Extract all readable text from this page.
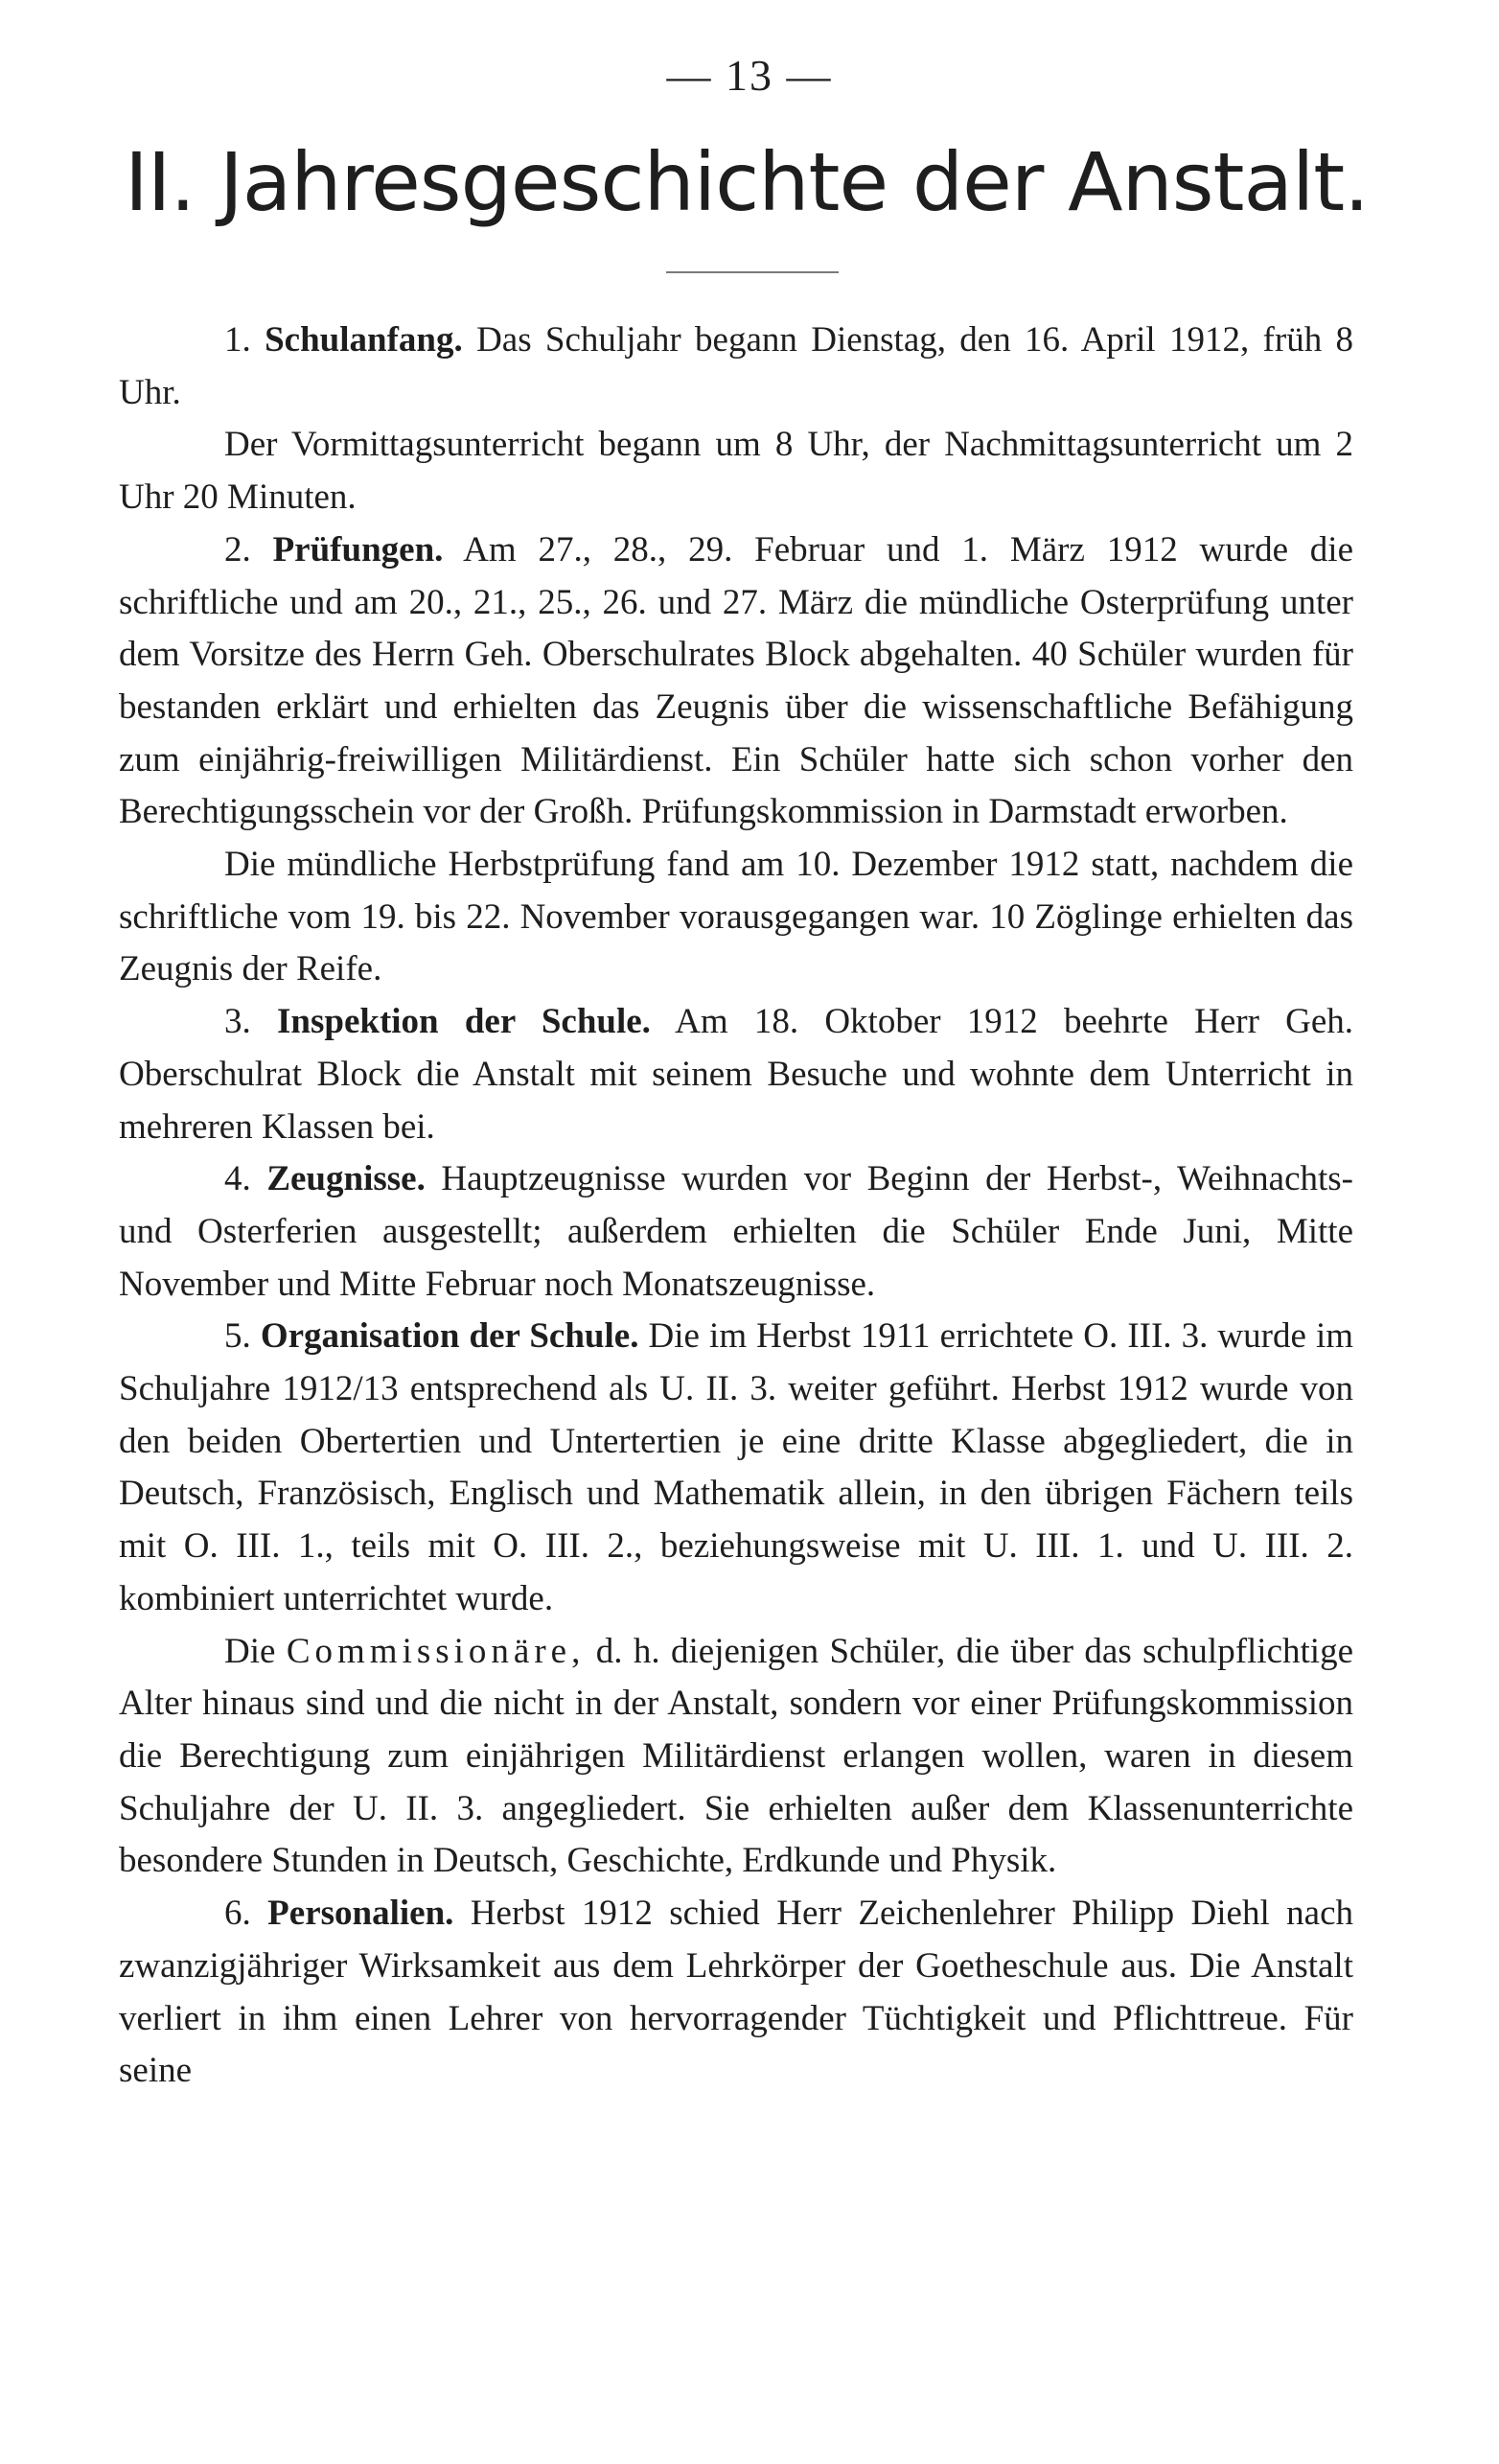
— 13 —
II. Jahresgeschichte der Anstalt.

1. Schulanfang. Das Schuljahr begann Dienstag, den 16. April 1912, früh 8 Uhr.

Der Vormittagsunterricht begann um 8 Uhr, der Nachmittagsunterricht um 2 Uhr 20 Minuten.

2. Prüfungen. Am 27., 28., 29. Februar und 1. März 1912 wurde die schriftliche und am 20., 21., 25., 26. und 27. März die mündliche Osterprüfung unter dem Vorsitze des Herrn Geh. Oberschulrates Block abgehalten. 40 Schüler wurden für bestanden erklärt und erhielten das Zeugnis über die wissenschaftliche Befähigung zum einjährig-freiwilligen Militärdienst. Ein Schüler hatte sich schon vorher den Berechtigungsschein vor der Großh. Prüfungskommission in Darmstadt erworben.

Die mündliche Herbstprüfung fand am 10. Dezember 1912 statt, nachdem die schriftliche vom 19. bis 22. November vorausgegangen war. 10 Zöglinge erhielten das Zeugnis der Reife.

3. Inspektion der Schule. Am 18. Oktober 1912 beehrte Herr Geh. Oberschulrat Block die Anstalt mit seinem Besuche und wohnte dem Unterricht in mehreren Klassen bei.

4. Zeugnisse. Hauptzeugnisse wurden vor Beginn der Herbst-, Weihnachts- und Osterferien ausgestellt; außerdem erhielten die Schüler Ende Juni, Mitte November und Mitte Februar noch Monatszeugnisse.

5. Organisation der Schule. Die im Herbst 1911 errichtete O. III. 3. wurde im Schuljahre 1912/13 entsprechend als U. II. 3. weiter geführt. Herbst 1912 wurde von den beiden Obertertien und Untertertien je eine dritte Klasse abgegliedert, die in Deutsch, Französisch, Englisch und Mathematik allein, in den übrigen Fächern teils mit O. III. 1., teils mit O. III. 2., beziehungsweise mit U. III. 1. und U. III. 2. kombiniert unterrichtet wurde.

Die Commissionäre, d. h. diejenigen Schüler, die über das schulpflichtige Alter hinaus sind und die nicht in der Anstalt, sondern vor einer Prüfungskommission die Berechtigung zum einjährigen Militärdienst erlangen wollen, waren in diesem Schuljahre der U. II. 3. angegliedert. Sie erhielten außer dem Klassenunterrichte besondere Stunden in Deutsch, Geschichte, Erdkunde und Physik.

6. Personalien. Herbst 1912 schied Herr Zeichenlehrer Philipp Diehl nach zwanzigjähriger Wirksamkeit aus dem Lehrkörper der Goetheschule aus. Die Anstalt verliert in ihm einen Lehrer von hervorragender Tüchtigkeit und Pflichttreue. Für seine
